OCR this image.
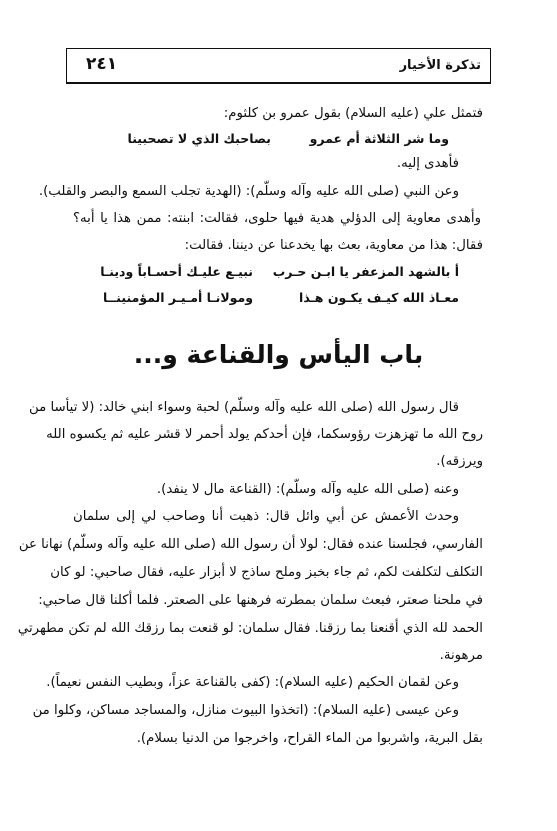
تذكرة الأخيار
٢٤١
فتمثل علي (عليه السلام) بقول عمرو بن كلثوم:
وما شر الثلاثة أم عمرو
بصاحبك الذي لا تصحبينا
فأهدى إليه.
وعن النبي (صلى الله عليه وآله وسلّم): (الهدية تجلب السمع والبصر والقلب).
وأهدى معاوية إلى الدؤلي هدية فيها حلوى، فقالت: ابنته: ممن هذا يا أبه؟
فقال: هذا من معاوية، بعث بها يخدعنا عن ديننا. فقالت:
أ بالشهد المزعفر يا ابـن حـرب
نبيـع عليـك أحسـاباً ودينـا
معـاذ الله كيـف يكـون هـذا
ومولانـا أمـيـر المؤمنينــا
باب اليأس والقناعة و...
قال رسول الله (صلى الله عليه وآله وسلّم) لحبة وسواء ابني خالد: (لا تيأسا من
روح الله ما تهزهزت رؤوسكما، فإن أحدكم يولد أحمر لا قشر عليه ثم يكسوه الله
ويرزقه).
وعنه (صلى الله عليه وآله وسلّم): (القناعة مال لا ينفد).
وحدث الأعمش عن أبي وائل قال: ذهبت أنا وصاحب لي إلى سلمان
الفارسي، فجلسنا عنده فقال: لولا أن رسول الله (صلى الله عليه وآله وسلّم) نهانا عن
التكلف لتكلفت لكم، ثم جاء بخبز وملح ساذج لا أبزار عليه، فقال صاحبي: لو كان
في ملحنا صعتر، فبعث سلمان بمطرته فرهنها على الصعتر. فلما أكلنا قال صاحبي:
الحمد لله الذي أقنعنا بما رزقنا. فقال سلمان: لو قنعت بما رزقك الله لم تكن مطهرتي
مرهونة.
وعن لقمان الحكيم (عليه السلام): (كفى بالقناعة عزاً، وبطيب النفس نعيماً).
وعن عيسى (عليه السلام): (اتخذوا البيوت منازل، والمساجد مساكن، وكلوا من
بقل البرية، واشربوا من الماء القراح، واخرجوا من الدنيا بسلام).
